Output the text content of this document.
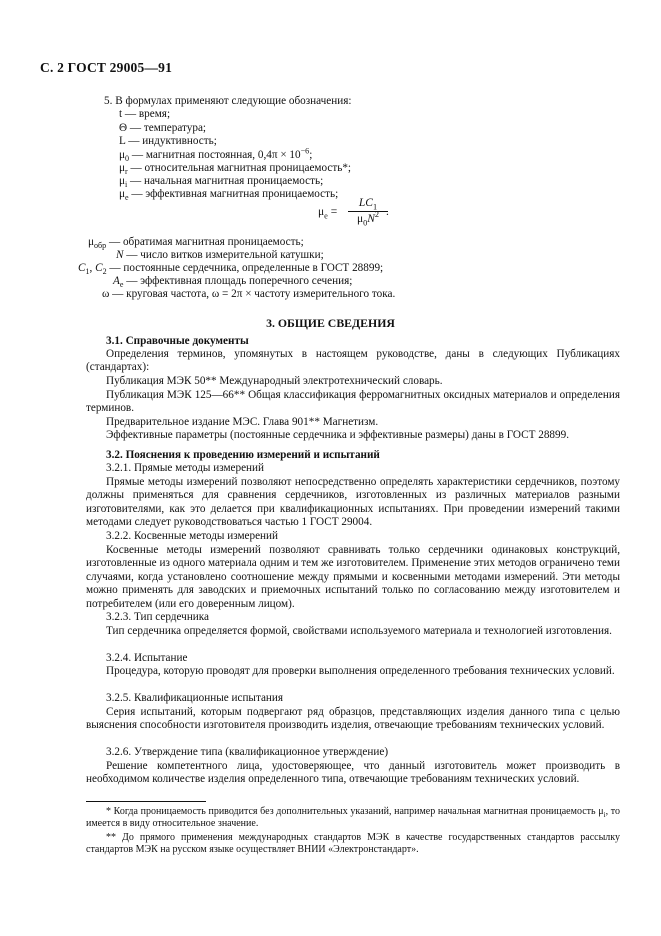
С. 2 ГОСТ 29005—91
5. В формулах применяют следующие обозначения:
t — время;
Θ — температура;
L — индуктивность;
$\mu_0$ — магнитная постоянная, $0,4\pi \times 10^{-6}$;
$\mu_r$ — относительная магнитная проницаемость*;
$\mu_i$ — начальная магнитная проницаемость;
$\mu_e$ — эффективная магнитная проницаемость;
$\mu_e$ =
$LC_1$
$\mu_0N^2$ .
$\mu_{обр}$ — обратимая магнитная проницаемость;
N — число витков измерительной катушки;
$C_1$, $C_2$ — постоянные сердечника, определенные в ГОСТ 28899;
$A_e$ — эффективная площадь поперечного сечения;
ω — круговая частота, ω = 2π × частоту измерительного тока.
3. ОБЩИЕ СВЕДЕНИЯ
3.1. Справочные документы
Определения терминов, упомянутых в настоящем руководстве, даны в следующих Публикациях (стандартах):
Публикация МЭК 50** Международный электротехнический словарь.
Публикация МЭК 125—66** Общая классификация ферромагнитных оксидных материалов и определения терминов.
Предварительное издание МЭС. Глава 901** Магнетизм.
Эффективные параметры (постоянные сердечника и эффективные размеры) даны в ГОСТ 28899.
3.2. Пояснения к проведению измерений и испытаний
3.2.1. Прямые методы измерений
Прямые методы измерений позволяют непосредственно определять характеристики сердечников, поэтому должны применяться для сравнения сердечников, изготовленных из различных материалов разными изготовителями, как это делается при квалификационных испытаниях. При проведении измерений такими методами следует руководствоваться частью 1 ГОСТ 29004.
3.2.2. Косвенные методы измерений
Косвенные методы измерений позволяют сравнивать только сердечники одинаковых конструкций, изготовленные из одного материала одним и тем же изготовителем. Применение этих методов ограничено теми случаями, когда установлено соотношение между прямыми и косвенными методами измерений. Эти методы можно применять для заводских и приемочных испытаний только по согласованию между изготовителем и потребителем (или его доверенным лицом).
3.2.3. Тип сердечника
Тип сердечника определяется формой, свойствами используемого материала и технологией изготовления.
3.2.4. Испытание
Процедура, которую проводят для проверки выполнения определенного требования технических условий.
3.2.5. Квалификационные испытания
Серия испытаний, которым подвергают ряд образцов, представляющих изделия данного типа с целью выяснения способности изготовителя производить изделия, отвечающие требованиям технических условий.
3.2.6. Утверждение типа (квалификационное утверждение)
Решение компетентного лица, удостоверяющее, что данный изготовитель может производить в необходимом количестве изделия определенного типа, отвечающие требованиям технических условий.
* Когда проницаемость приводится без дополнительных указаний, например начальная магнитная проницаемость $\mu_i$, то имеется в виду относительное значение.
** До прямого применения международных стандартов МЭК в качестве государственных стандартов рассылку стандартов МЭК на русском языке осуществляет ВНИИ «Электронстандарт».
